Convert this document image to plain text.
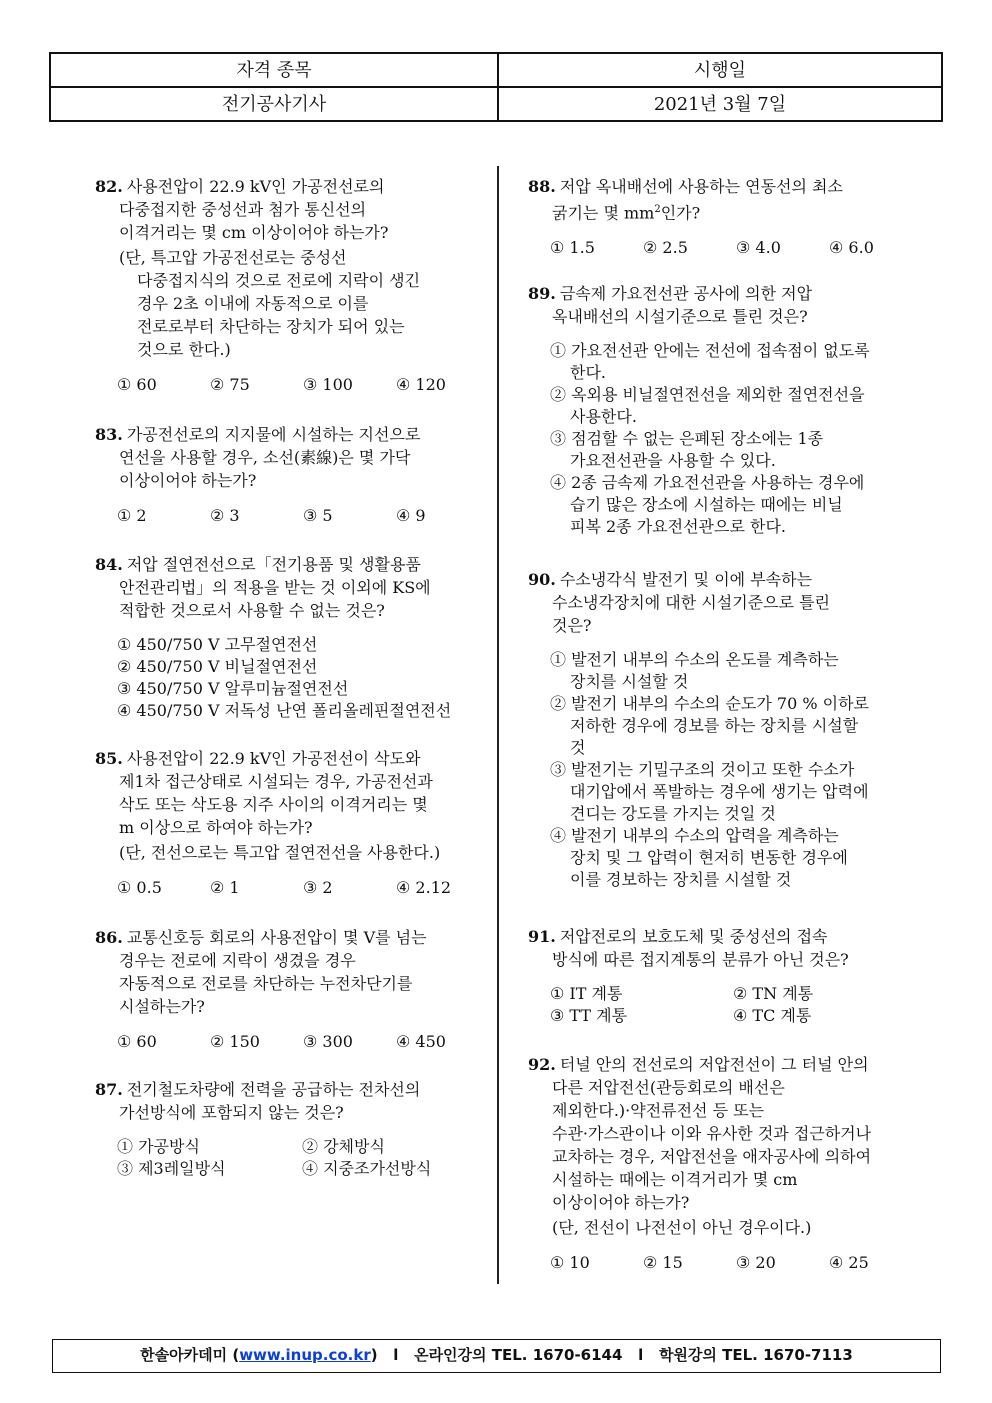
자격 종목	시행일
전기공사기사	2021년 3월 7일
82. 사용전압이 22.9 kV인 가공전선로의
다중접지한 중성선과 첨가 통신선의
이격거리는 몇 cm 이상이어야 하는가?
(단, 특고압 가공전선로는 중성선
다중접지식의 것으로 전로에 지락이 생긴
경우 2초 이내에 자동적으로 이를
전로로부터 차단하는 장치가 되어 있는
것으로 한다.)
① 60	② 75	③ 100	④ 120
83. 가공전선로의 지지물에 시설하는 지선으로
연선을 사용할 경우, 소선(素線)은 몇 가닥
이상이어야 하는가?
① 2	② 3	③ 5	④ 9
84. 저압 절연전선으로「전기용품 및 생활용품
안전관리법」의 적용을 받는 것 이외에 KS에
적합한 것으로서 사용할 수 없는 것은?
① 450/750 V 고무절연전선
② 450/750 V 비닐절연전선
③ 450/750 V 알루미늄절연전선
④ 450/750 V 저독성 난연 폴리올레핀절연전선
85. 사용전압이 22.9 kV인 가공전선이 삭도와
제1차 접근상태로 시설되는 경우, 가공전선과
삭도 또는 삭도용 지주 사이의 이격거리는 몇
m 이상으로 하여야 하는가?
(단, 전선으로는 특고압 절연전선을 사용한다.)
① 0.5	② 1	③ 2	④ 2.12
86. 교통신호등 회로의 사용전압이 몇 V를 넘는
경우는 전로에 지락이 생겼을 경우
자동적으로 전로를 차단하는 누전차단기를
시설하는가?
① 60	② 150	③ 300	④ 450
87. 전기철도차량에 전력을 공급하는 전차선의
가선방식에 포함되지 않는 것은?
① 가공방식	② 강체방식
③ 제3레일방식	④ 지중조가선방식
88. 저압 옥내배선에 사용하는 연동선의 최소
굵기는 몇 $mm^2$인가?
① 1.5	② 2.5	③ 4.0	④ 6.0
89. 금속제 가요전선관 공사에 의한 저압
옥내배선의 시설기준으로 틀린 것은?
① 가요전선관 안에는 전선에 접속점이 없도록
한다.
② 옥외용 비닐절연전선을 제외한 절연전선을
사용한다.
③ 점검할 수 없는 은폐된 장소에는 1종
가요전선관을 사용할 수 있다.
④ 2종 금속제 가요전선관을 사용하는 경우에
습기 많은 장소에 시설하는 때에는 비닐
피복 2종 가요전선관으로 한다.
90. 수소냉각식 발전기 및 이에 부속하는
수소냉각장치에 대한 시설기준으로 틀린
것은?
① 발전기 내부의 수소의 온도를 계측하는
장치를 시설할 것
② 발전기 내부의 수소의 순도가 70 % 이하로
저하한 경우에 경보를 하는 장치를 시설할
것
③ 발전기는 기밀구조의 것이고 또한 수소가
대기압에서 폭발하는 경우에 생기는 압력에
견디는 강도를 가지는 것일 것
④ 발전기 내부의 수소의 압력을 계측하는
장치 및 그 압력이 현저히 변동한 경우에
이를 경보하는 장치를 시설할 것
91. 저압전로의 보호도체 및 중성선의 접속
방식에 따른 접지계통의 분류가 아닌 것은?
① IT 계통	② TN 계통
③ TT 계통	④ TC 계통
92. 터널 안의 전선로의 저압전선이 그 터널 안의
다른 저압전선(관등회로의 배선은
제외한다.)·약전류전선 등 또는
수관·가스관이나 이와 유사한 것과 접근하거나
교차하는 경우, 저압전선을 애자공사에 의하여
시설하는 때에는 이격거리가 몇 cm
이상이어야 하는가?
(단, 전선이 나전선이 아닌 경우이다.)
① 10	② 15	③ 20	④ 25
한솔아카데미 (www.inup.co.kr) l 온라인강의 TEL. 1670-6144 l 학원강의 TEL. 1670-7113
